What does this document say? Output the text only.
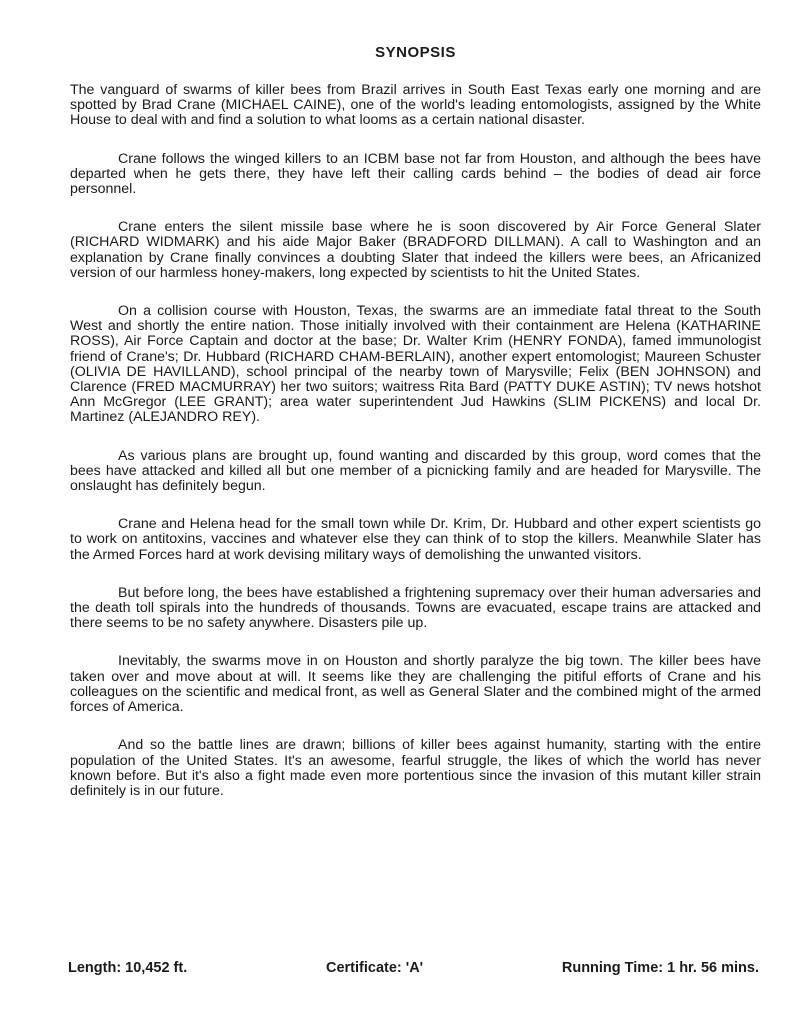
SYNOPSIS

The vanguard of swarms of killer bees from Brazil arrives in South East Texas early one morning and are spotted by Brad Crane (MICHAEL CAINE), one of the world's leading entomologists, assigned by the White House to deal with and find a solution to what looms as a certain national disaster.

Crane follows the winged killers to an ICBM base not far from Houston, and although the bees have departed when he gets there, they have left their calling cards behind – the bodies of dead air force personnel.

Crane enters the silent missile base where he is soon discovered by Air Force General Slater (RICHARD WIDMARK) and his aide Major Baker (BRADFORD DILLMAN). A call to Washington and an explanation by Crane finally convinces a doubting Slater that indeed the killers were bees, an Africanized version of our harmless honey-makers, long expected by scientists to hit the United States.

On a collision course with Houston, Texas, the swarms are an immediate fatal threat to the South West and shortly the entire nation. Those initially involved with their containment are Helena (KATHARINE ROSS), Air Force Captain and doctor at the base; Dr. Walter Krim (HENRY FONDA), famed immunologist friend of Crane's; Dr. Hubbard (RICHARD CHAM-BERLAIN), another expert entomologist; Maureen Schuster (OLIVIA DE HAVILLAND), school principal of the nearby town of Marysville; Felix (BEN JOHNSON) and Clarence (FRED MACMURRAY) her two suitors; waitress Rita Bard (PATTY DUKE ASTIN); TV news hotshot Ann McGregor (LEE GRANT); area water superintendent Jud Hawkins (SLIM PICKENS) and local Dr. Martinez (ALEJANDRO REY).

As various plans are brought up, found wanting and discarded by this group, word comes that the bees have attacked and killed all but one member of a picnicking family and are headed for Marysville. The onslaught has definitely begun.

Crane and Helena head for the small town while Dr. Krim, Dr. Hubbard and other expert scientists go to work on antitoxins, vaccines and whatever else they can think of to stop the killers. Meanwhile Slater has the Armed Forces hard at work devising military ways of demolishing the unwanted visitors.

But before long, the bees have established a frightening supremacy over their human adversaries and the death toll spirals into the hundreds of thousands. Towns are evacuated, escape trains are attacked and there seems to be no safety anywhere. Disasters pile up.

Inevitably, the swarms move in on Houston and shortly paralyze the big town. The killer bees have taken over and move about at will. It seems like they are challenging the pitiful efforts of Crane and his colleagues on the scientific and medical front, as well as General Slater and the combined might of the armed forces of America.

And so the battle lines are drawn; billions of killer bees against humanity, starting with the entire population of the United States. It's an awesome, fearful struggle, the likes of which the world has never known before. But it's also a fight made even more portentious since the invasion of this mutant killer strain definitely is in our future.

Length: 10,452 ft.	Certificate: 'A'	Running Time: 1 hr. 56 mins.
